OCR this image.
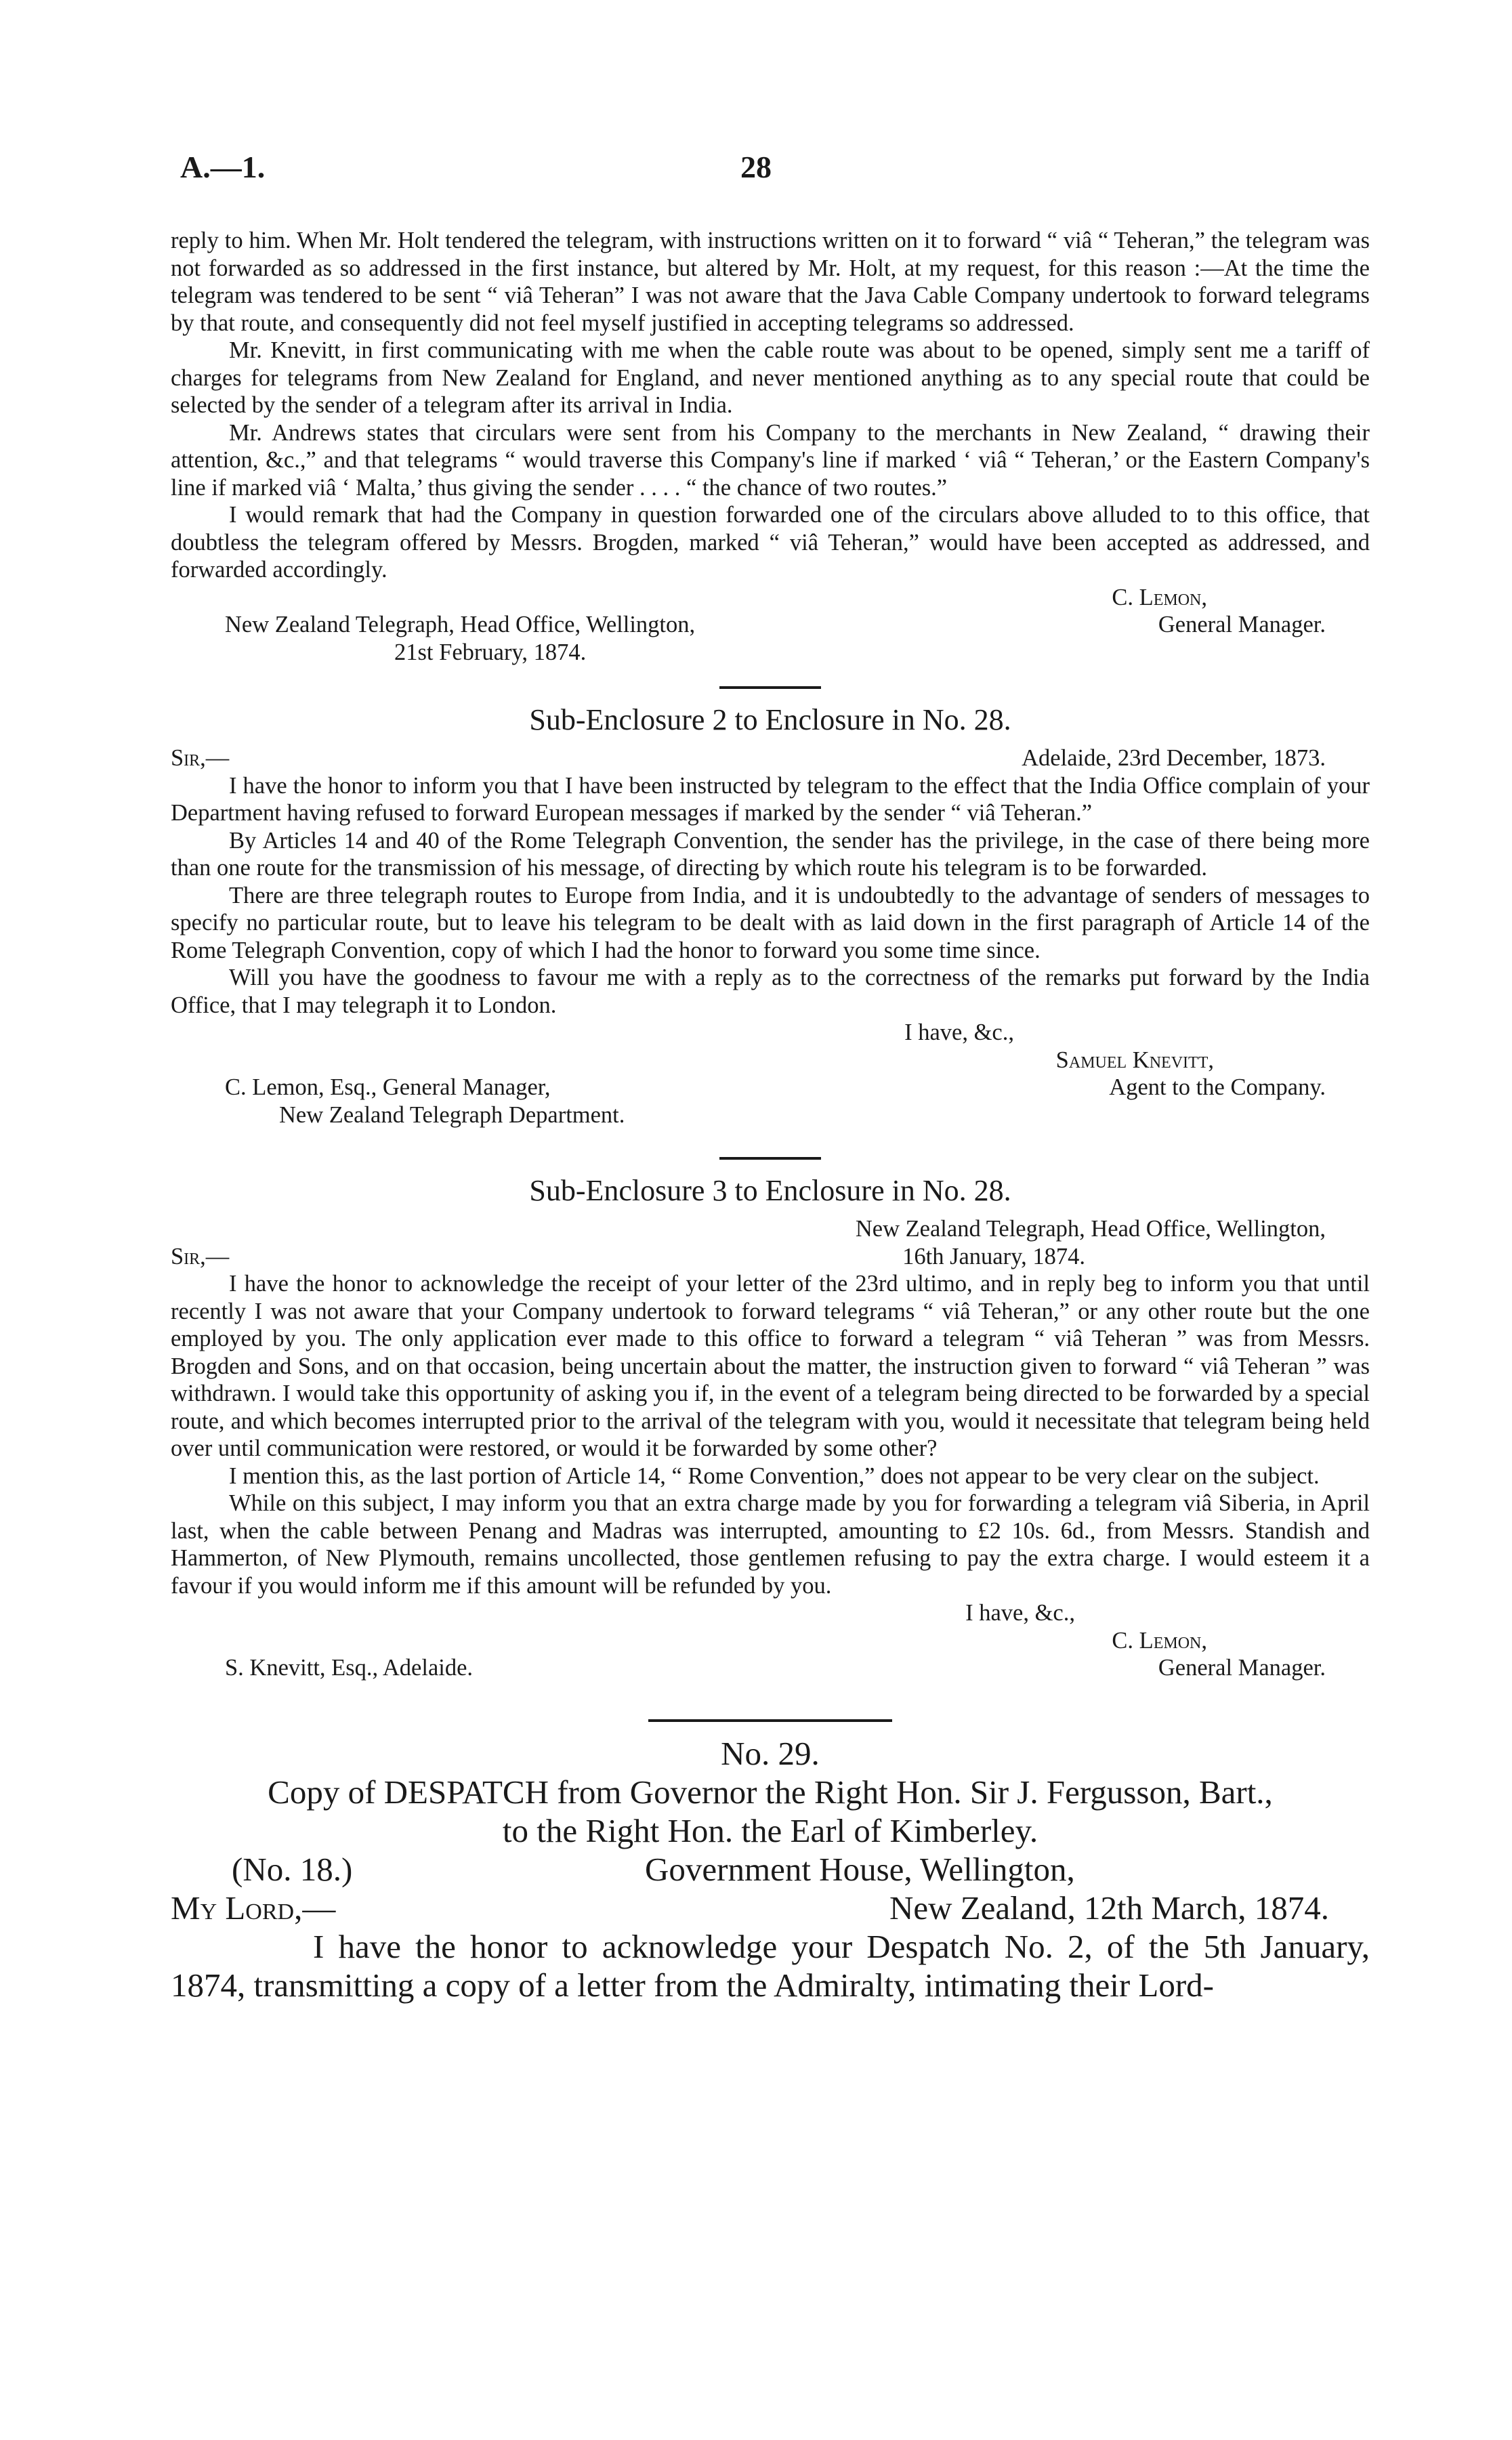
A.—1.	28

reply to him. When Mr. Holt tendered the telegram, with instructions written on it to forward “ viâ “ Teheran,” the telegram was not forwarded as so addressed in the first instance, but altered by Mr. Holt, at my request, for this reason :—At the time the telegram was tendered to be sent “ viâ Teheran” I was not aware that the Java Cable Company undertook to forward telegrams by that route, and consequently did not feel myself justified in accepting telegrams so addressed.

Mr. Knevitt, in first communicating with me when the cable route was about to be opened, simply sent me a tariff of charges for telegrams from New Zealand for England, and never mentioned anything as to any special route that could be selected by the sender of a telegram after its arrival in India.

Mr. Andrews states that circulars were sent from his Company to the merchants in New Zealand, “ drawing their attention, &c.,” and that telegrams “ would traverse this Company's line if marked ‘ viâ “ Teheran,’ or the Eastern Company's line if marked viâ ‘ Malta,’ thus giving the sender . . . . “ the chance of two routes.”

I would remark that had the Company in question forwarded one of the circulars above alluded to to this office, that doubtless the telegram offered by Messrs. Brogden, marked “ viâ Teheran,” would have been accepted as addressed, and forwarded accordingly.

C. Lemon,
New Zealand Telegraph, Head Office, Wellington,	General Manager.
21st February, 1874.
Sub-Enclosure 2 to Enclosure in No. 28.
Sir,—	Adelaide, 23rd December, 1873.

I have the honor to inform you that I have been instructed by telegram to the effect that the India Office complain of your Department having refused to forward European messages if marked by the sender “ viâ Teheran.”

By Articles 14 and 40 of the Rome Telegraph Convention, the sender has the privilege, in the case of there being more than one route for the transmission of his message, of directing by which route his telegram is to be forwarded.

There are three telegraph routes to Europe from India, and it is undoubtedly to the advantage of senders of messages to specify no particular route, but to leave his telegram to be dealt with as laid down in the first paragraph of Article 14 of the Rome Telegraph Convention, copy of which I had the honor to forward you some time since.

Will you have the goodness to favour me with a reply as to the correctness of the remarks put forward by the India Office, that I may telegraph it to London.

I have, &c.,
Samuel Knevitt,
C. Lemon, Esq., General Manager,	Agent to the Company.
New Zealand Telegraph Department.
Sub-Enclosure 3 to Enclosure in No. 28.
New Zealand Telegraph, Head Office, Wellington,
Sir,—	16th January, 1874.

I have the honor to acknowledge the receipt of your letter of the 23rd ultimo, and in reply beg to inform you that until recently I was not aware that your Company undertook to forward telegrams “ viâ Teheran,” or any other route but the one employed by you. The only application ever made to this office to forward a telegram “ viâ Teheran ” was from Messrs. Brogden and Sons, and on that occasion, being uncertain about the matter, the instruction given to forward “ viâ Teheran ” was withdrawn. I would take this opportunity of asking you if, in the event of a telegram being directed to be forwarded by a special route, and which becomes interrupted prior to the arrival of the telegram with you, would it necessitate that telegram being held over until communication were restored, or would it be forwarded by some other?

I mention this, as the last portion of Article 14, “ Rome Convention,” does not appear to be very clear on the subject.

While on this subject, I may inform you that an extra charge made by you for forwarding a telegram viâ Siberia, in April last, when the cable between Penang and Madras was interrupted, amounting to £2 10s. 6d., from Messrs. Standish and Hammerton, of New Plymouth, remains uncollected, those gentlemen refusing to pay the extra charge. I would esteem it a favour if you would inform me if this amount will be refunded by you.

I have, &c.,
C. Lemon,
S. Knevitt, Esq., Adelaide.	General Manager.
No. 29.
Copy of DESPATCH from Governor the Right Hon. Sir J. Fergusson, Bart.,
to the Right Hon. the Earl of Kimberley.
(No. 18.)	Government House, Wellington,
My Lord,—	New Zealand, 12th March, 1874.

I have the honor to acknowledge your Despatch No. 2, of the 5th January, 1874, transmitting a copy of a letter from the Admiralty, intimating their Lord-
